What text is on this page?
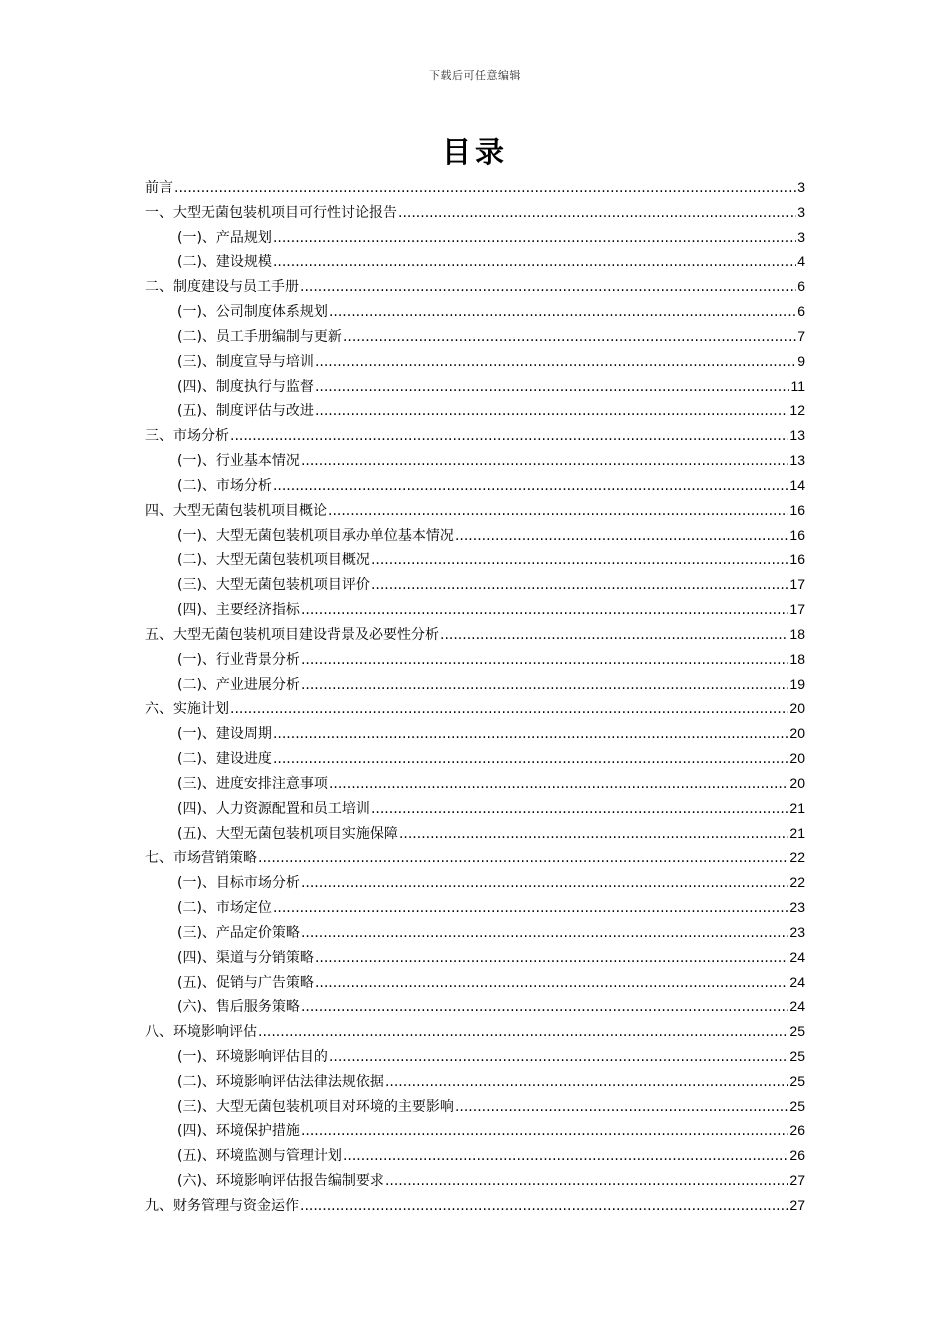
下载后可任意编辑
目录
前言 .....	3
一、大型无菌包装机项目可行性讨论报告 .....	3
(一)、产品规划 .....	3
(二)、建设规模 .....	4
二、制度建设与员工手册 .....	6
(一)、公司制度体系规划 .....	6
(二)、员工手册编制与更新 .....	7
(三)、制度宣导与培训 .....	9
(四)、制度执行与监督 .....	11
(五)、制度评估与改进 .....	12
三、市场分析 .....	13
(一)、行业基本情况 .....	13
(二)、市场分析 .....	14
四、大型无菌包装机项目概论 .....	16
(一)、大型无菌包装机项目承办单位基本情况 .....	16
(二)、大型无菌包装机项目概况 .....	16
(三)、大型无菌包装机项目评价 .....	17
(四)、主要经济指标 .....	17
五、大型无菌包装机项目建设背景及必要性分析 .....	18
(一)、行业背景分析 .....	18
(二)、产业进展分析 .....	19
六、实施计划 .....	20
(一)、建设周期 .....	20
(二)、建设进度 .....	20
(三)、进度安排注意事项 .....	20
(四)、人力资源配置和员工培训 .....	21
(五)、大型无菌包装机项目实施保障 .....	21
七、市场营销策略 .....	22
(一)、目标市场分析 .....	22
(二)、市场定位 .....	23
(三)、产品定价策略 .....	23
(四)、渠道与分销策略 .....	24
(五)、促销与广告策略 .....	24
(六)、售后服务策略 .....	24
八、环境影响评估 .....	25
(一)、环境影响评估目的 .....	25
(二)、环境影响评估法律法规依据 .....	25
(三)、大型无菌包装机项目对环境的主要影响 .....	25
(四)、环境保护措施 .....	26
(五)、环境监测与管理计划 .....	26
(六)、环境影响评估报告编制要求 .....	27
九、财务管理与资金运作 .....	27
